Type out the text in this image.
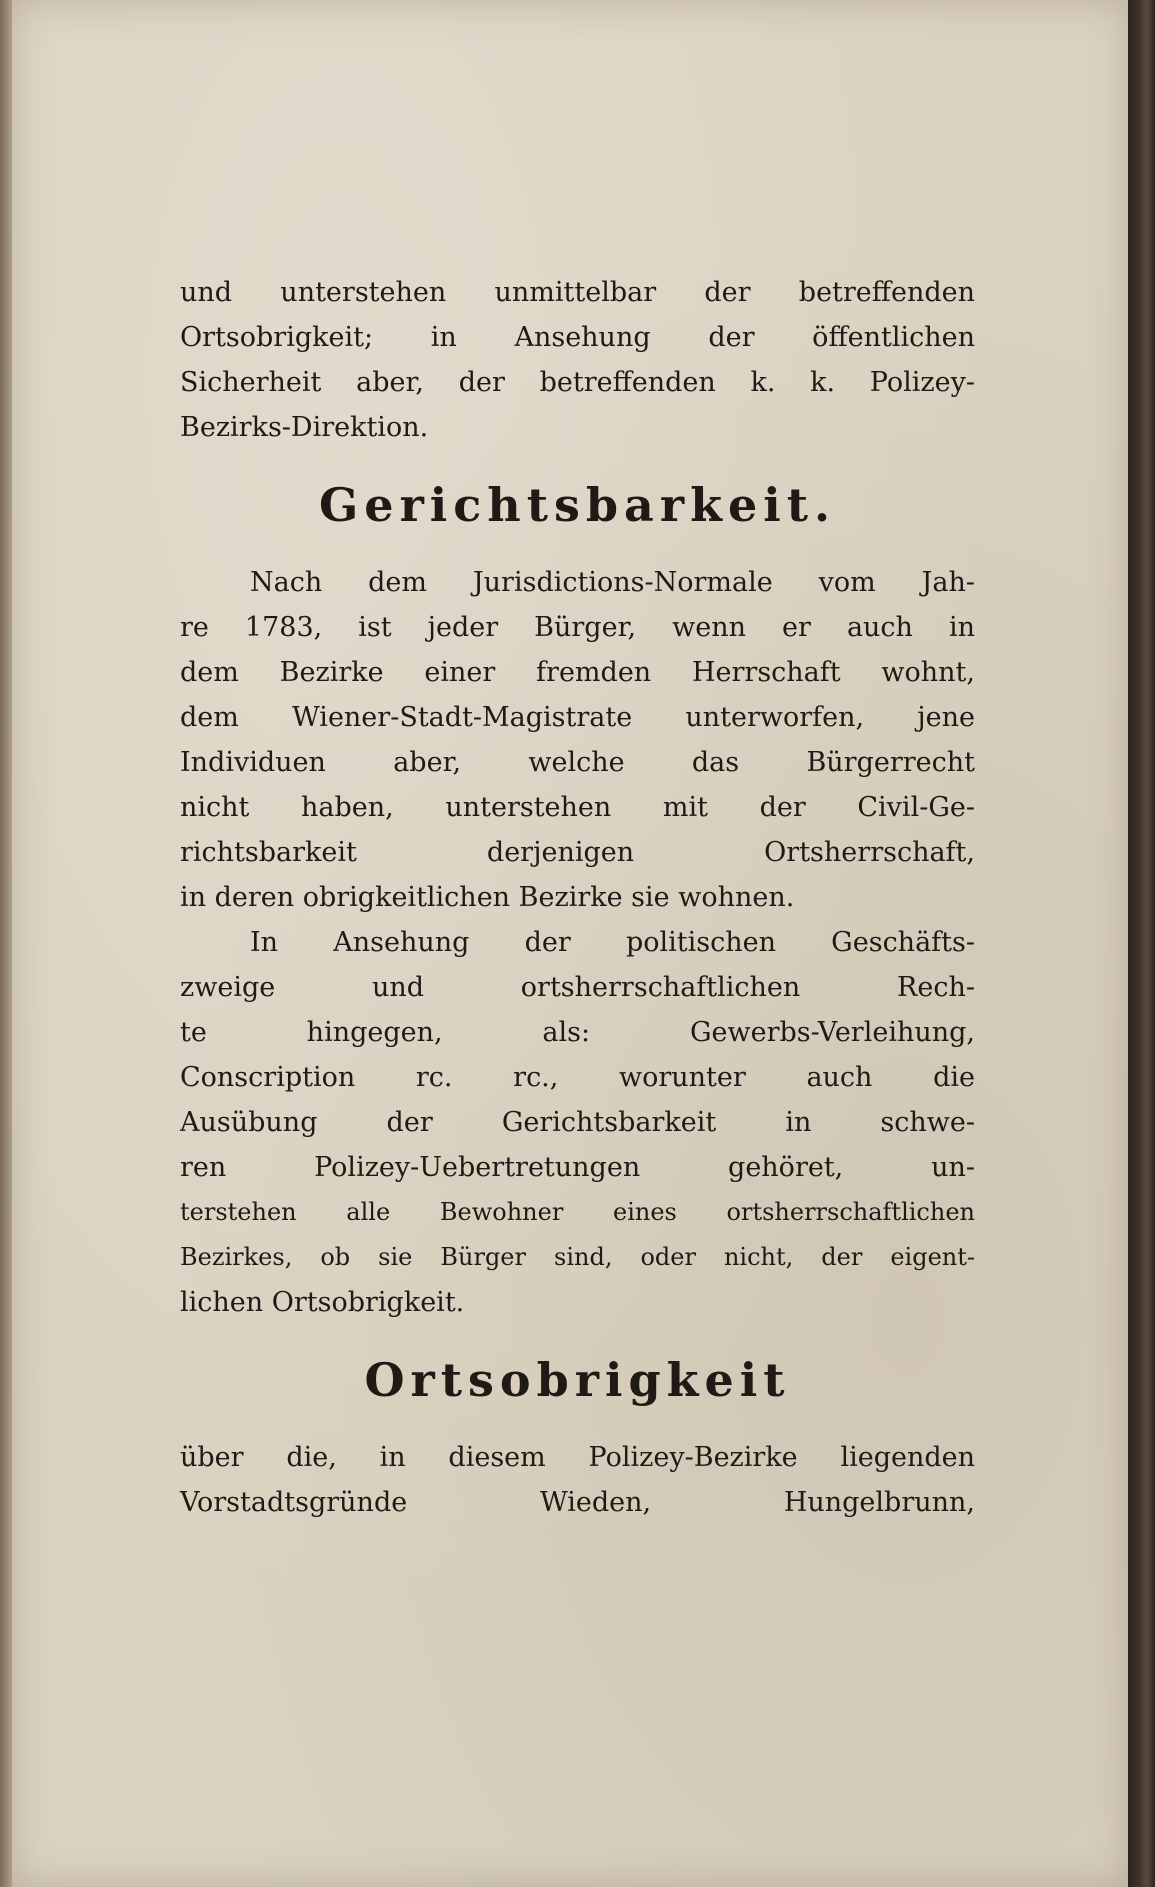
und unterstehen unmittelbar der betreffenden
Ortsobrigkeit; in Ansehung der öffentlichen
Sicherheit aber, der betreffenden k. k. Polizey-
Bezirks-Direktion.
Gerichtsbarkeit.
Nach dem Jurisdictions-Normale vom Jah-
re 1783, ist jeder Bürger, wenn er auch in
dem Bezirke einer fremden Herrschaft wohnt,
dem Wiener-Stadt-Magistrate unterworfen, jene
Individuen aber, welche das Bürgerrecht
nicht haben, unterstehen mit der Civil-Ge-
richtsbarkeit derjenigen Ortsherrschaft,
in deren obrigkeitlichen Bezirke sie wohnen.
In Ansehung der politischen Geschäfts-
zweige und ortsherrschaftlichen Rech-
te hingegen, als: Gewerbs-Verleihung,
Conscription rc. rc., worunter auch die
Ausübung der Gerichtsbarkeit in schwe-
ren Polizey-Uebertretungen gehöret, un-
terstehen alle Bewohner eines ortsherrschaftlichen
Bezirkes, ob sie Bürger sind, oder nicht, der eigent-
lichen Ortsobrigkeit.
Ortsobrigkeit
über die, in diesem Polizey-Bezirke liegenden
Vorstadtsgründe Wieden, Hungelbrunn,
